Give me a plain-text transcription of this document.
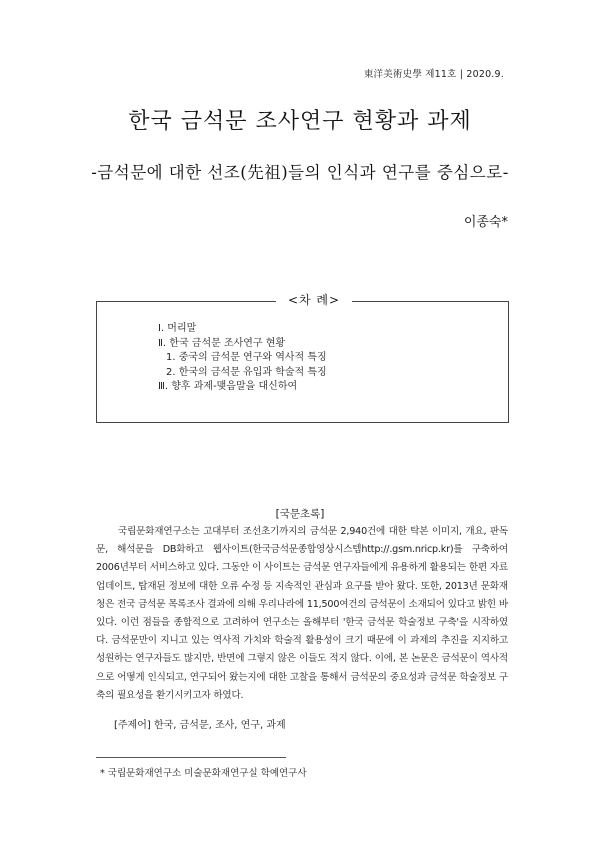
東洋美術史學 제11호 | 2020.9.
한국 금석문 조사연구 현황과 과제
-금석문에 대한 선조(先祖)들의 인식과 연구를 중심으로-
이종숙*
<차 례>
Ⅰ. 머리말
Ⅱ. 한국 금석문 조사연구 현황
1. 중국의 금석문 연구와 역사적 특징
2. 한국의 금석문 유입과 학술적 특징
Ⅲ. 향후 과제-맺음말을 대신하여
[국문초록]
국립문화재연구소는 고대부터 조선초기까지의 금석문 2,940건에 대한 탁본 이미지, 개요, 판독문, 해석문을 DB화하고 웹사이트(한국금석문종합영상시스템http://.gsm.nricp.kr)를 구축하여 2006년부터 서비스하고 있다. 그동안 이 사이트는 금석문 연구자들에게 유용하게 활용되는 한편 자료 업데이트, 탑재된 정보에 대한 오류 수정 등 지속적인 관심과 요구를 받아 왔다. 또한, 2013년 문화재청은 전국 금석문 목록조사 결과에 의해 우리나라에 11,500여건의 금석문이 소재되어 있다고 밝힌 바 있다. 이런 점들을 종합적으로 고려하여 연구소는 올해부터 '한국 금석문 학술정보 구축'을 시작하였다. 금석문만이 지니고 있는 역사적 가치와 학술적 활용성이 크기 때문에 이 과제의 추진을 지지하고 성원하는 연구자들도 많지만, 반면에 그렇지 않은 이들도 적지 않다. 이에, 본 논문은 금석문이 역사적으로 어떻게 인식되고, 연구되어 왔는지에 대한 고찰을 통해서 금석문의 중요성과 금석문 학술정보 구축의 필요성을 환기시키고자 하였다.
[주제어] 한국, 금석문, 조사, 연구, 과제
* 국립문화재연구소 미술문화재연구실 학예연구사
